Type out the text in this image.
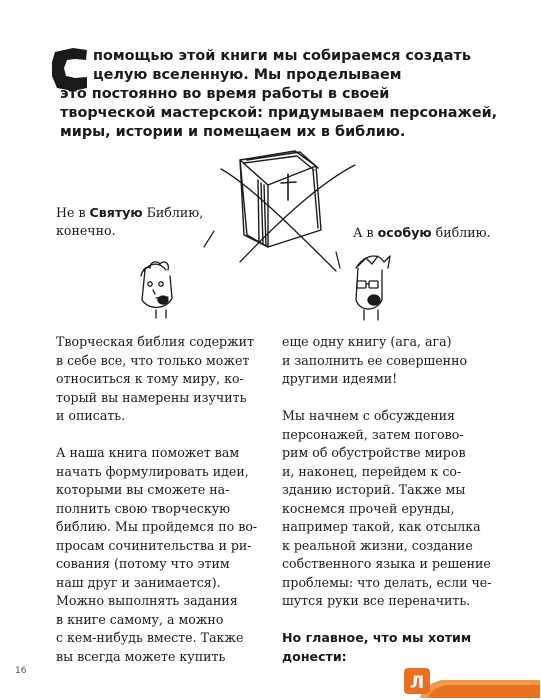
С
помощью этой книги мы собираемся создать
целую вселенную. Мы проделываем
это постоянно во время работы в своей
творческой мастерской: придумываем персонажей,
миры, истории и помещаем их в библию.
Не в Святую Библию,
конечно.	А в особую библию.
Творческая библия содержит
в себе все, что только может
относиться к тому миру, ко-
торый вы намерены изучить
и описать.
А наша книга поможет вам
начать формулировать идеи,
которыми вы сможете на-
полнить свою творческую
библию. Мы пройдемся по во-
просам сочинительства и ри-
сования (потому что этим
наш друг и занимается).
Можно выполнять задания
в книге самому, а можно
с кем-нибудь вместе. Также
вы всегда можете купить
еще одну книгу (ага, ага)
и заполнить ее совершенно
другими идеями!
Мы начнем с обсуждения
персонажей, затем погово-
рим об обустройстве миров
и, наконец, перейдем к со-
зданию историй. Также мы
коснемся прочей ерунды,
например такой, как отсылка
к реальной жизни, создание
собственного языка и решение
проблемы: что делать, если че-
шутся руки все переначить.
Но главное, что мы хотим
донести:
16
Л
